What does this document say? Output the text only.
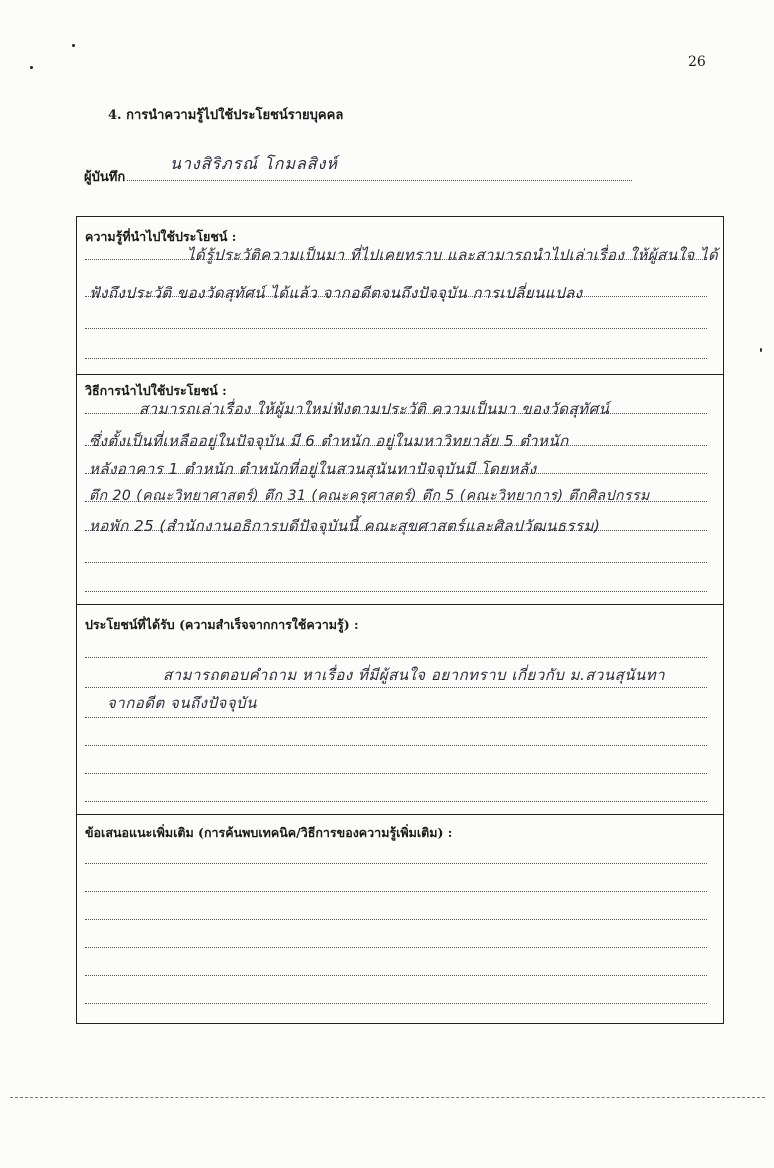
26
4. การนำความรู้ไปใช้ประโยชน์รายบุคคล
ผู้บันทึก
นางสิริภรณ์ โกมลสิงห์
ความรู้ที่นำไปใช้ประโยชน์ :
ได้รู้ประวัติความเป็นมา ที่ไปเคยทราบ และสามารถนำไปเล่าเรื่อง ให้ผู้สนใจ ได้
ฟังถึงประวัติ ของวัดสุทัศน์ ได้แล้ว จากอดีตจนถึงปัจจุบัน การเปลี่ยนแปลง
วิธีการนำไปใช้ประโยชน์ :
สามารถเล่าเรื่อง ให้ผู้มาใหม่ฟังตามประวัติ ความเป็นมา ของวัดสุทัศน์
ซึ่งตั้งเป็นที่เหลืออยู่ในปัจจุบัน มี 6 ตำหนัก อยู่ในมหาวิทยาลัย 5 ตำหนัก
หลังอาคาร 1 ตำหนัก ตำหนักที่อยู่ในสวนสุนันทาปัจจุบันมี โดยหลัง
ตึก 20 (คณะวิทยาศาสตร์) ตึก 31 (คณะครุศาสตร์) ตึก 5 (คณะวิทยาการ) ตึกศิลปกรรม
หอพัก 25 (สำนักงานอธิการบดีปัจจุบันนี้ คณะสุขศาสตร์และศิลปวัฒนธรรม)
ประโยชน์ที่ได้รับ (ความสำเร็จจากการใช้ความรู้) :
สามารถตอบคำถาม หาเรื่อง ที่มีผู้สนใจ อยากทราบ เกี่ยวกับ ม.สวนสุนันทา
จากอดีต จนถึงปัจจุบัน
ข้อเสนอแนะเพิ่มเติม (การค้นพบเทคนิค/วิธีการของความรู้เพิ่มเติม) :
